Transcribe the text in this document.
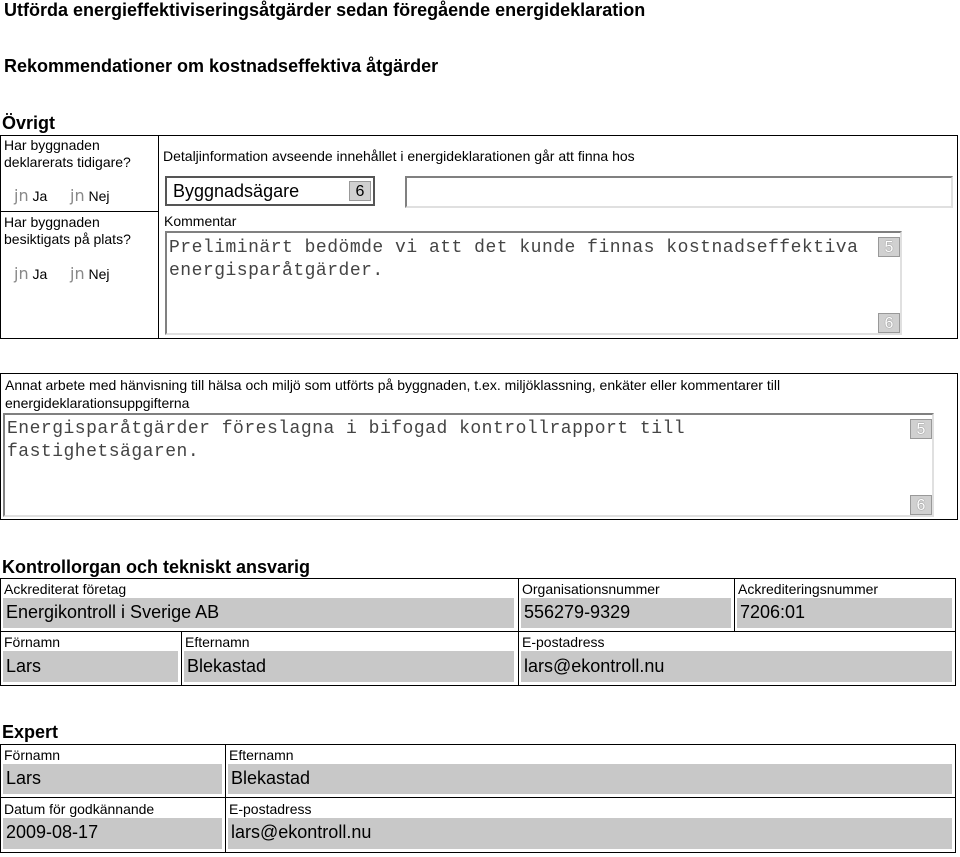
Utförda energieffektiviseringsåtgärder sedan föregående energideklaration
Rekommendationer om kostnadseffektiva åtgärder
Övrigt
Har byggnaden deklarerats tidigare?
jn Ja jn Nej
Har byggnaden besiktigats på plats?
jn Ja jn Nej
Detaljinformation avseende innehållet i energideklarationen går att finna hos
Byggnadsägare	6
Kommentar
Preliminärt bedömde vi att det kunde finnas kostnadseffektiva energisparåtgärder.
5
6
Annat arbete med hänvisning till hälsa och miljö som utförts på byggnaden, t.ex. miljöklassning, enkäter eller kommentarer till energideklarationsuppgifterna
Energisparåtgärder föreslagna i bifogad kontrollrapport till fastighetsägaren.
5
6
Kontrollorgan och tekniskt ansvarig
Ackrediterat företag
Energikontroll i Sverige AB
Organisationsnummer
556279-9329
Ackrediteringsnummer
7206:01
Förnamn
Lars
Efternamn
Blekastad
E-postadress
lars@ekontroll.nu
Expert
Förnamn
Lars
Efternamn
Blekastad
Datum för godkännande
2009-08-17
E-postadress
lars@ekontroll.nu
